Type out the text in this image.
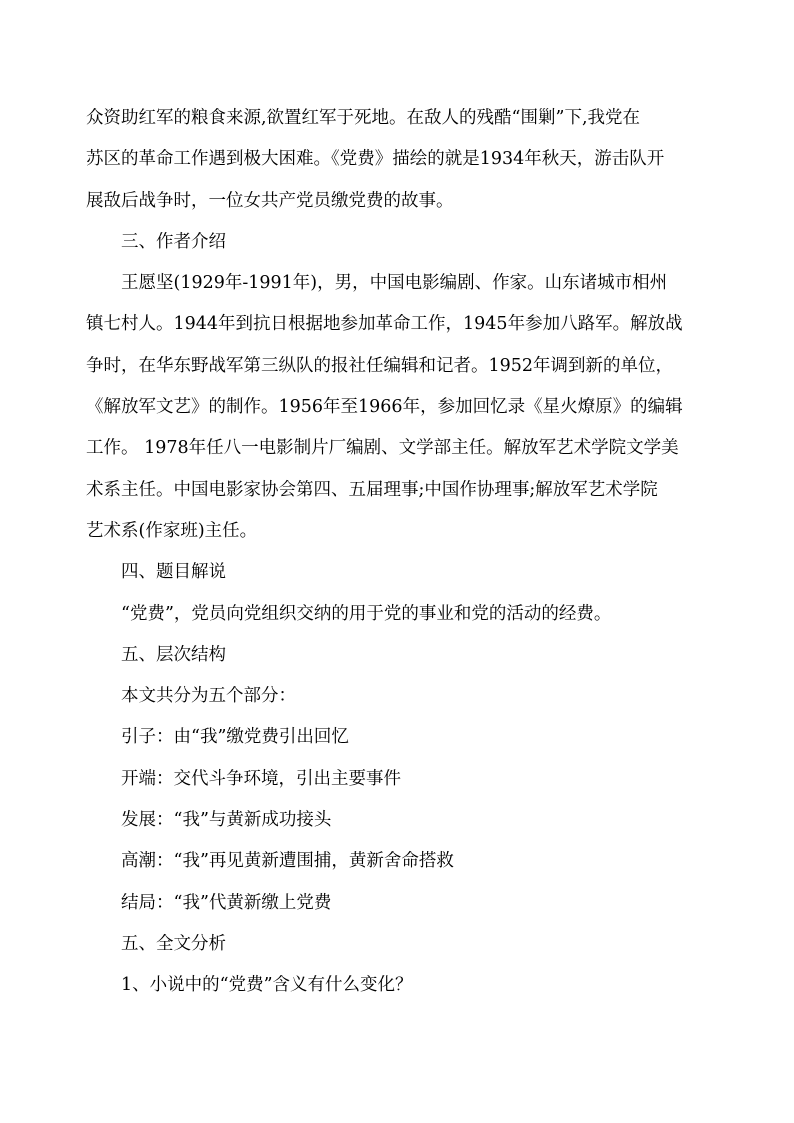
众资助红军的粮食来源,欲置红军于死地。在敌人的残酷“围剿”下,我党在
苏区的革命工作遇到极大困难。《党费》描绘的就是1934年秋天，游击队开
展敌后战争时，一位女共产党员缴党费的故事。
三、作者介绍
王愿坚(1929年-1991年)，男，中国电影编剧、作家。山东诸城市相州
镇七村人。1944年到抗日根据地参加革命工作，1945年参加八路军。解放战
争时，在华东野战军第三纵队的报社任编辑和记者。1952年调到新的单位，
《解放军文艺》的制作。1956年至1966年，参加回忆录《星火燎原》的编辑
工作。 1978年任八一电影制片厂编剧、文学部主任。解放军艺术学院文学美
术系主任。中国电影家协会第四、五届理事;中国作协理事;解放军艺术学院
艺术系(作家班)主任。
四、题目解说
“党费”，党员向党组织交纳的用于党的事业和党的活动的经费。
五、层次结构
本文共分为五个部分：
引子：由“我”缴党费引出回忆
开端：交代斗争环境，引出主要事件
发展：“我”与黄新成功接头
高潮：“我”再见黄新遭围捕，黄新舍命搭救
结局：“我”代黄新缴上党费
五、全文分析
1、小说中的“党费”含义有什么变化？
